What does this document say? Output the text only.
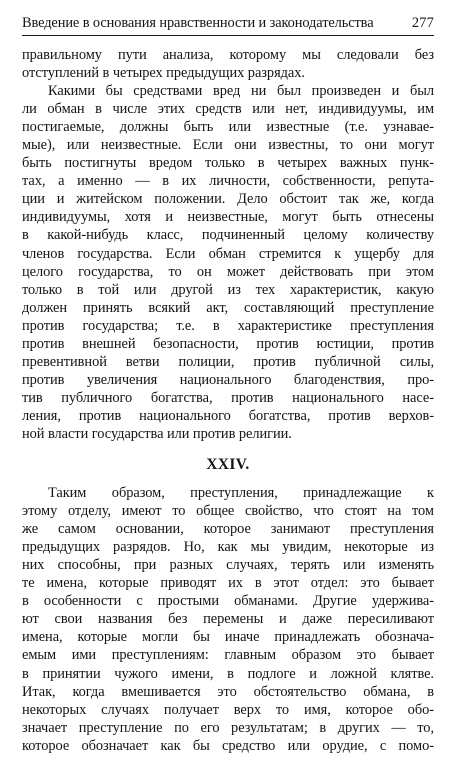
Введение в основания нравственности и законодательства	277
правильному пути анализа, которому мы следовали без
отступлений в четырех предыдущих разрядах.
Какими бы средствами вред ни был произведен и был
ли обман в числе этих средств или нет, индивидуумы, им
постигаемые, должны быть или известные (т.е. узнавае-
мые), или неизвестные. Если они известны, то они могут
быть постигнуты вредом только в четырех важных пунк-
тах, а именно — в их личности, собственности, репута-
ции и житейском положении. Дело обстоит так же, когда
индивидуумы, хотя и неизвестные, могут быть отнесены
в какой-нибудь класс, подчиненный целому количеству
членов государства. Если обман стремится к ущербу для
целого государства, то он может действовать при этом
только в той или другой из тех характеристик, какую
должен принять всякий акт, составляющий преступление
против государства; т.е. в характеристике преступления
против внешней безопасности, против юстиции, против
превентивной ветви полиции, против публичной силы,
против увеличения национального благоденствия, про-
тив публичного богатства, против национального насе-
ления, против национального богатства, против верхов-
ной власти государства или против религии.
XXIV.
Таким образом, преступления, принадлежащие к
этому отделу, имеют то общее свойство, что стоят на том
же самом основании, которое занимают преступления
предыдущих разрядов. Но, как мы увидим, некоторые из
них способны, при разных случаях, терять или изменять
те имена, которые приводят их в этот отдел: это бывает
в особенности с простыми обманами. Другие удержива-
ют свои названия без перемены и даже пересиливают
имена, которые могли бы иначе принадлежать обознача-
емым ими преступлениям: главным образом это бывает
в принятии чужого имени, в подлоге и ложной клятве.
Итак, когда вмешивается это обстоятельство обмана, в
некоторых случаях получает верх то имя, которое обо-
значает преступление по его результатам; в других — то,
которое обозначает как бы средство или орудие, с помо-
